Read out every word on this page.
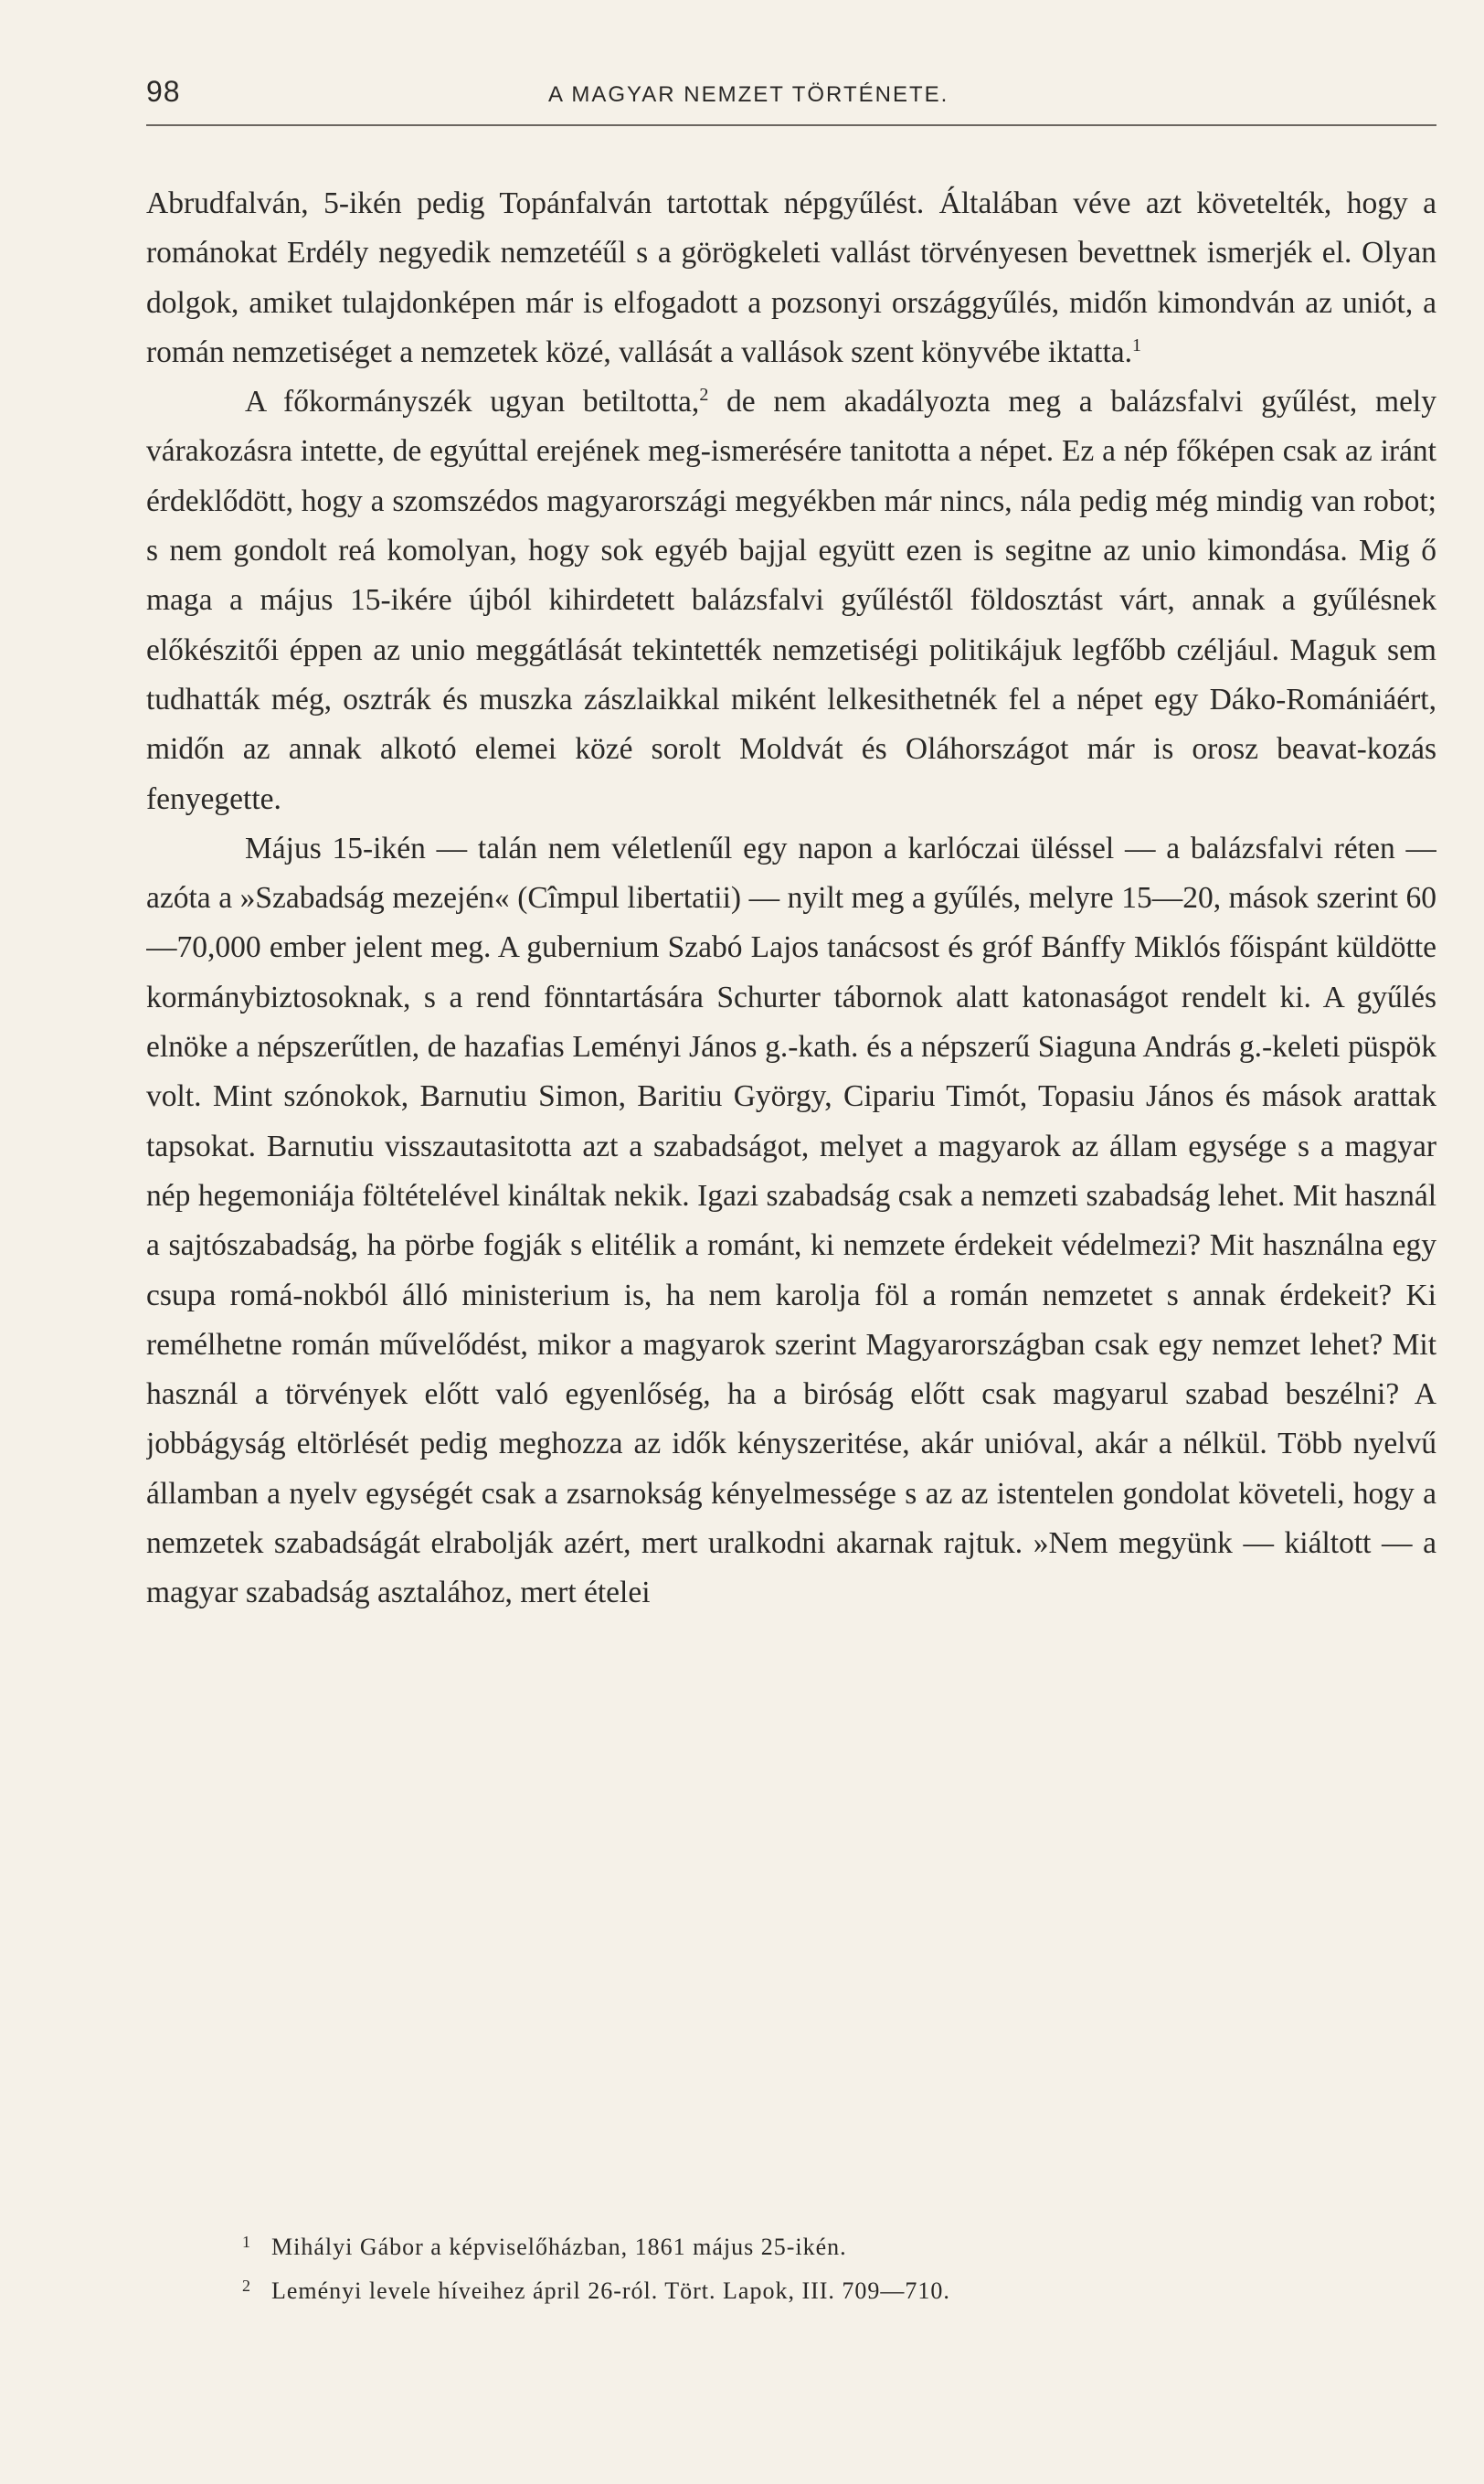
98	A MAGYAR NEMZET TÖRTÉNETE.

Abrudfalván, 5-ikén pedig Topánfalván tartottak népgyűlést. Általában véve azt követelték, hogy a románokat Erdély negyedik nemzetéűl s a görögkeleti vallást törvényesen bevettnek ismerjék el. Olyan dolgok, amiket tulajdonképen már is elfogadott a pozsonyi országgyűlés, midőn kimondván az uniót, a román nemzetiséget a nemzetek közé, vallását a vallások szent könyvébe iktatta.$^1$

A főkormányszék ugyan betiltotta,$^2$ de nem akadályozta meg a balázsfalvi gyűlést, mely várakozásra intette, de egyúttal erejének meg-ismerésére tanitotta a népet. Ez a nép főképen csak az iránt érdeklődött, hogy a szomszédos magyarországi megyékben már nincs, nála pedig még mindig van robot; s nem gondolt reá komolyan, hogy sok egyéb bajjal együtt ezen is segitne az unio kimondása. Mig ő maga a május 15-ikére újból kihirdetett balázsfalvi gyűléstől földosztást várt, annak a gyűlésnek előkészitői éppen az unio meggátlását tekintették nemzetiségi politikájuk legfőbb czéljául. Maguk sem tudhatták még, osztrák és muszka zászlaikkal miként lelkesithetnék fel a népet egy Dáko-Romániáért, midőn az annak alkotó elemei közé sorolt Moldvát és Oláhországot már is orosz beavat-kozás fenyegette.

Május 15-ikén — talán nem véletlenűl egy napon a karlóczai üléssel — a balázsfalvi réten — azóta a »Szabadság mezején« (Cîmpul libertatii) — nyilt meg a gyűlés, melyre 15—20, mások szerint 60—70,000 ember jelent meg. A gubernium Szabó Lajos tanácsost és gróf Bánffy Miklós főispánt küldötte kormánybiztosoknak, s a rend fönntartására Schurter tábornok alatt katonaságot rendelt ki. A gyűlés elnöke a népszerűtlen, de hazafias Leményi János g.-kath. és a népszerű Siaguna András g.-keleti püspök volt. Mint szónokok, Barnutiu Simon, Baritiu György, Cipariu Timót, Topasiu János és mások arattak tapsokat. Barnutiu visszautasitotta azt a szabadságot, melyet a magyarok az állam egysége s a magyar nép hegemoniája föltételével kináltak nekik. Igazi szabadság csak a nemzeti szabadság lehet. Mit használ a sajtószabadság, ha pörbe fogják s elitélik a románt, ki nemzete érdekeit védelmezi? Mit használna egy csupa romá-nokból álló ministerium is, ha nem karolja föl a román nemzetet s annak érdekeit? Ki remélhetne román művelődést, mikor a magyarok szerint Magyarországban csak egy nemzet lehet? Mit használ a törvények előtt való egyenlőség, ha a biróság előtt csak magyarul szabad beszélni? A jobbágyság eltörlését pedig meghozza az idők kényszeritése, akár unióval, akár a nélkül. Több nyelvű államban a nyelv egységét csak a zsarnokság kényelmessége s az az istentelen gondolat követeli, hogy a nemzetek szabadságát elrabolják azért, mert uralkodni akarnak rajtuk. »Nem megyünk — kiáltott — a magyar szabadság asztalához, mert ételei

1 Mihályi Gábor a képviselőházban, 1861 május 25-ikén.
2 Leményi levele híveihez ápril 26-ról. Tört. Lapok, III. 709—710.
